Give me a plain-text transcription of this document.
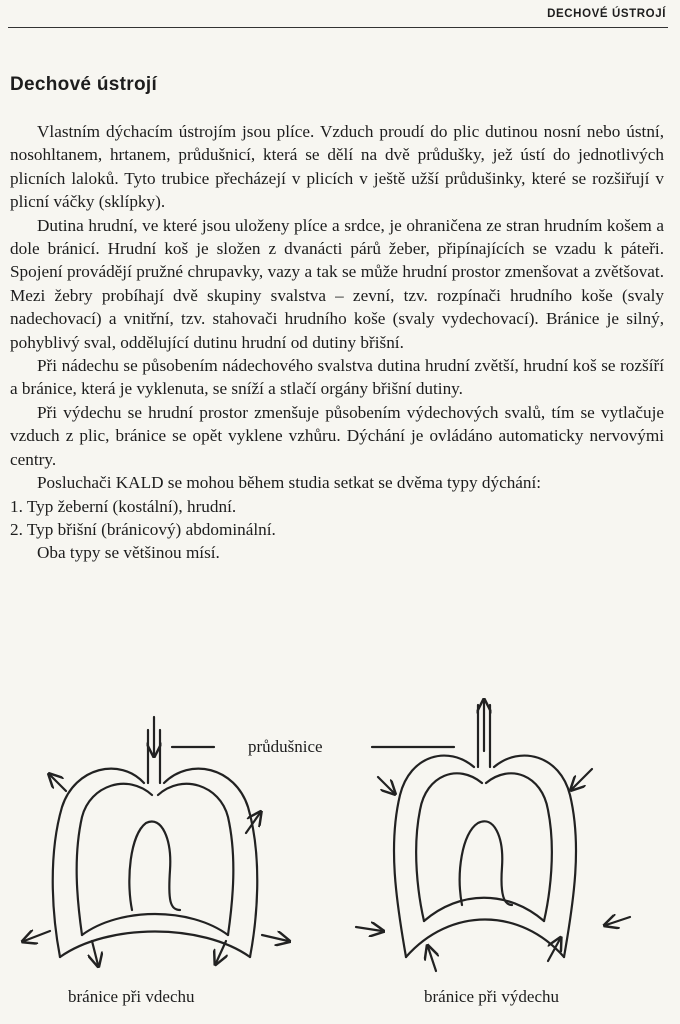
DECHOVÉ ÚSTROJÍ
Dechové ústrojí

Vlastním dýchacím ústrojím jsou plíce. Vzduch proudí do plic dutinou nosní nebo ústní, nosohltanem, hrtanem, průdušnicí, která se dělí na dvě průdušky, jež ústí do jednotlivých plicních laloků. Tyto trubice přecházejí v plicích v ještě užší průdušinky, které se rozšiřují v plicní váčky (sklípky).

Dutina hrudní, ve které jsou uloženy plíce a srdce, je ohraničena ze stran hrudním košem a dole bránicí. Hrudní koš je složen z dvanácti párů žeber, připínajících se vzadu k páteři. Spojení provádějí pružné chrupavky, vazy a tak se může hrudní prostor zmenšovat a zvětšovat. Mezi žebry probíhají dvě skupiny svalstva – zevní, tzv. rozpínači hrudního koše (svaly nadechovací) a vnitřní, tzv. stahovači hrudního koše (svaly vydechovací). Bránice je silný, pohyblivý sval, oddělující dutinu hrudní od dutiny břišní.

Při nádechu se působením nádechového svalstva dutina hrudní zvětší, hrudní koš se rozšíří a bránice, která je vyklenuta, se sníží a stlačí orgány břišní dutiny.

Při výdechu se hrudní prostor zmenšuje působením výdechových svalů, tím se vytlačuje vzduch z plic, bránice se opět vyklene vzhůru. Dýchání je ovládáno automaticky nervovými centry.

Posluchači KALD se mohou během studia setkat se dvěma typy dýchání:

1. Typ žeberní (kostální), hrudní.
2. Typ břišní (bránicový) abdominální.

Oba typy se většinou mísí.

průdušnice
bránice při vdechu	bránice při výdechu
